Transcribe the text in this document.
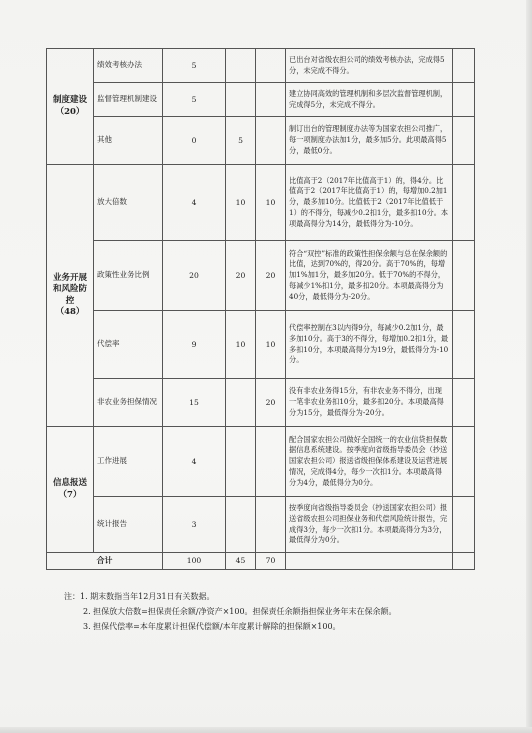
制度建设
（20）	绩效考核办法	5			已出台对省级农担公司的绩效考核办法，完成得5分，未完成不得分。	
	监督管理机制建设	5			建立协同高效的管理机制和多层次监督管理机制，完成得5分，未完成不得分。	
	其他	0	5		制订出台的管理制度办法等为国家农担公司推广，每一项制度办法加1分，最多加5分。此项最高得5分，最低0分。	
业务开展
和风险防
控
（48）	放大倍数	4	10	10	比值高于2（2017年比值高于1）的，得4分。比值高于2（2017年比值高于1）的，每增加0.2加1分，最多加10分。比值低于2（2017年比值低于1）的不得分，每减少0.2扣1分，最多扣10分。本项最高得分为14分，最低得分为-10分。	
	政策性业务比例	20	20	20	符合“双控”标准的政策性担保余额与总在保余额的比值，达到70%的，得20分。高于70%的，每增加1%加1分，最多加20分。低于70%的不得分，每减少1%扣1分，最多扣20分。本项最高得分为40分，最低得分为-20分。	
	代偿率	9	10	10	代偿率控制在3以内得9分，每减少0.2加1分，最多加10分。高于3的不得分，每增加0.2扣1分，最多扣10分，本项最高得分为19分，最低得分为-10分。	
	非农业务担保情况	15		20	没有非农业务得15分，有非农业务不得分，出现一笔非农业务扣10分，最多扣20分。本项最高得分为15分，最低得分为-20分。	
信息报送
（7）	工作进展	4			配合国家农担公司做好全国统一的农业信贷担保数据信息系统建设。按季度向省级指导委员会（抄送国家农担公司）报送省级担保体系建设及运营进展情况，完成得4分，每少一次扣1分。本项最高得分为4分，最低得分为0分。	
	统计报告	3			按季度向省级指导委员会（抄送国家农担公司）报送省级农担公司担保业务和代偿风险统计报告，完成得3分，每少一次扣1分。本项最高得分为3分，最低得分为0分。	
合计		100	45	70		
注：1. 期末数指当年12月31日有关数据。
2. 担保放大倍数=担保责任余额/净资产×100。担保责任余额指担保业务年末在保余额。
3. 担保代偿率=本年度累计担保代偿额/本年度累计解除的担保额×100。
